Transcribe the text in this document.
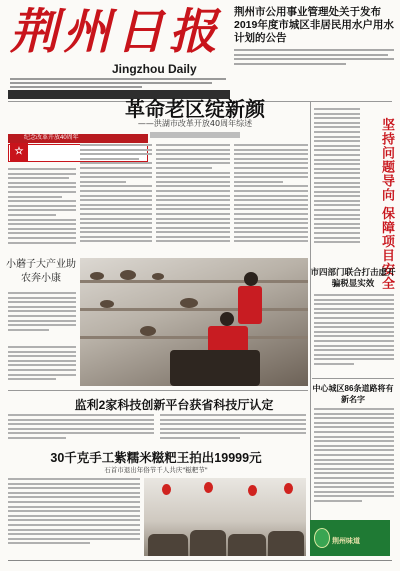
荆州日报
Jingzhou Daily
荆州市公用事业管理处关于发布2019年度市城区非居民用水户用水计划的公告
革命老区绽新颜
——洪湖市改革开放40周年综述
纪念改革开放40周年
☆	坚持问题导向 保障项目安全
小蘑子大产业助农奔小康
市四部门联合打击虚开骗税显实效
中心城区86条道路将有新名字
监利2家科技创新平台获省科技厅认定
30千克手工紫糯米糍粑王拍出19999元
石首市退出年俗节千人共庆"糍粑节"
荆州味道
